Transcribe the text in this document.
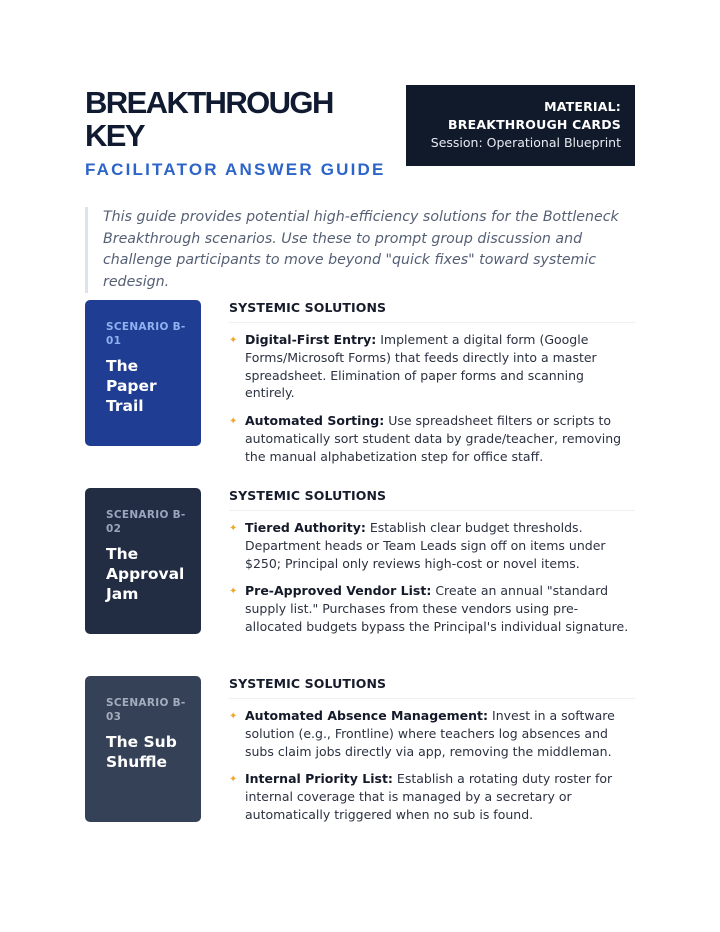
BREAKTHROUGH
KEY
FACILITATOR ANSWER GUIDE
MATERIAL: BREAKTHROUGH CARDS
Session: Operational Blueprint
This guide provides potential high-efficiency solutions for the Bottleneck Breakthrough scenarios. Use these to prompt group discussion and challenge participants to move beyond "quick fixes" toward systemic redesign.
SCENARIO B-01
The Paper Trail
SYSTEMIC SOLUTIONS
✦ Digital-First Entry: Implement a digital form (Google Forms/Microsoft Forms) that feeds directly into a master spreadsheet. Elimination of paper forms and scanning entirely.
✦ Automated Sorting: Use spreadsheet filters or scripts to automatically sort student data by grade/teacher, removing the manual alphabetization step for office staff.
SCENARIO B-02
The Approval Jam
SYSTEMIC SOLUTIONS
✦ Tiered Authority: Establish clear budget thresholds. Department heads or Team Leads sign off on items under $250; Principal only reviews high-cost or novel items.
✦ Pre-Approved Vendor List: Create an annual "standard supply list." Purchases from these vendors using pre-allocated budgets bypass the Principal's individual signature.
SCENARIO B-03
The Sub Shuffle
SYSTEMIC SOLUTIONS
✦ Automated Absence Management: Invest in a software solution (e.g., Frontline) where teachers log absences and subs claim jobs directly via app, removing the middleman.
✦ Internal Priority List: Establish a rotating duty roster for internal coverage that is managed by a secretary or automatically triggered when no sub is found.
